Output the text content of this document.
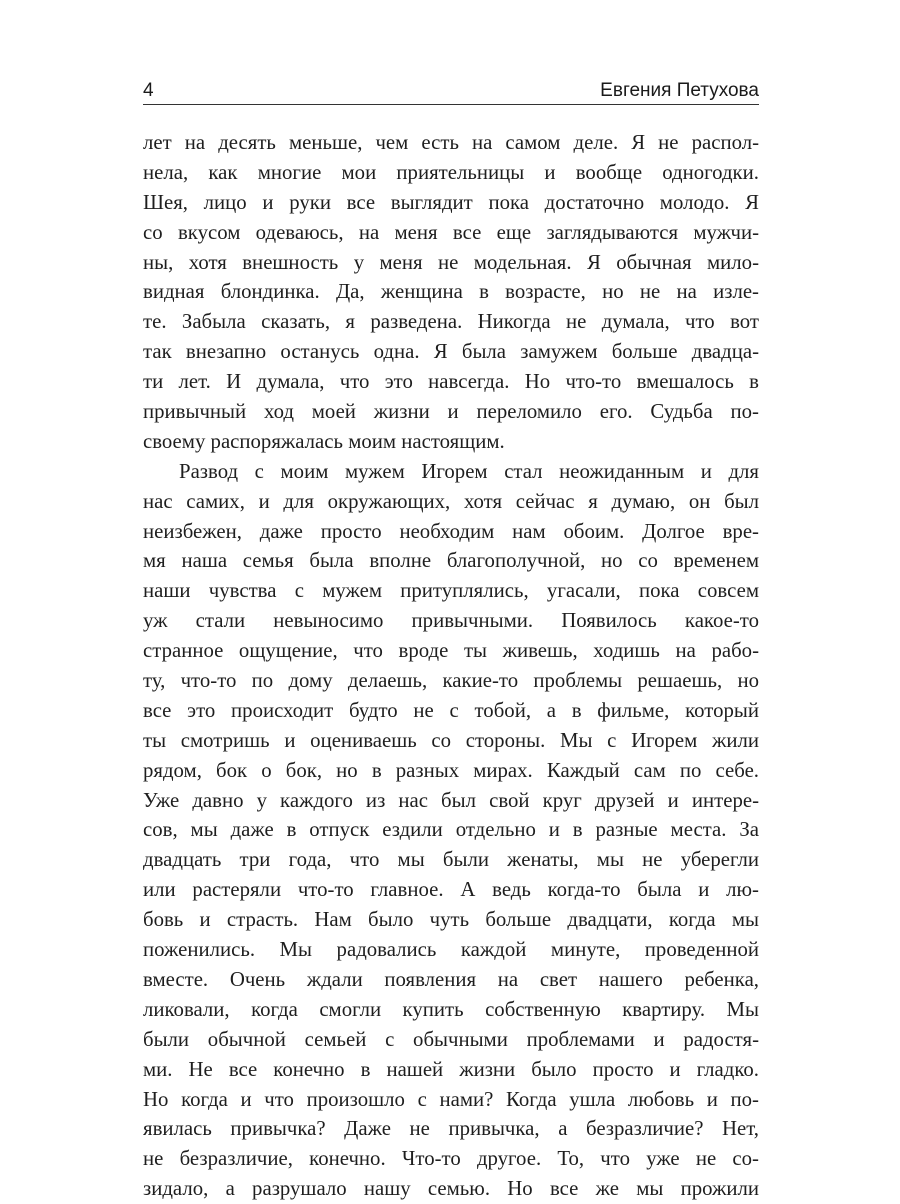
4	Евгения Петухова
лет на десять меньше, чем есть на самом деле. Я не распол-
нела, как многие мои приятельницы и вообще одногодки.
Шея, лицо и руки все выглядит пока достаточно молодо. Я
со вкусом одеваюсь, на меня все еще заглядываются мужчи-
ны, хотя внешность у меня не модельная. Я обычная мило-
видная блондинка. Да, женщина в возрасте, но не на изле-
те. Забыла сказать, я разведена. Никогда не думала, что вот
так внезапно останусь одна. Я была замужем больше двадца-
ти лет. И думала, что это навсегда. Но что-то вмешалось в
привычный ход моей жизни и переломило его. Судьба по-
своему распоряжалась моим настоящим.
Развод с моим мужем Игорем стал неожиданным и для
нас самих, и для окружающих, хотя сейчас я думаю, он был
неизбежен, даже просто необходим нам обоим. Долгое вре-
мя наша семья была вполне благополучной, но со временем
наши чувства с мужем притуплялись, угасали, пока совсем
уж стали невыносимо привычными. Появилось какое-то
странное ощущение, что вроде ты живешь, ходишь на рабо-
ту, что-то по дому делаешь, какие-то проблемы решаешь, но
все это происходит будто не с тобой, а в фильме, который
ты смотришь и оцениваешь со стороны. Мы с Игорем жили
рядом, бок о бок, но в разных мирах. Каждый сам по себе.
Уже давно у каждого из нас был свой круг друзей и интере-
сов, мы даже в отпуск ездили отдельно и в разные места. За
двадцать три года, что мы были женаты, мы не уберегли
или растеряли что-то главное. А ведь когда-то была и лю-
бовь и страсть. Нам было чуть больше двадцати, когда мы
поженились. Мы радовались каждой минуте, проведенной
вместе. Очень ждали появления на свет нашего ребенка,
ликовали, когда смогли купить собственную квартиру. Мы
были обычной семьей с обычными проблемами и радостя-
ми. Не все конечно в нашей жизни было просто и гладко.
Но когда и что произошло с нами? Когда ушла любовь и по-
явилась привычка? Даже не привычка, а безразличие? Нет,
не безразличие, конечно. Что-то другое. То, что уже не со-
зидало, а разрушало нашу семью. Но все же мы прожили
